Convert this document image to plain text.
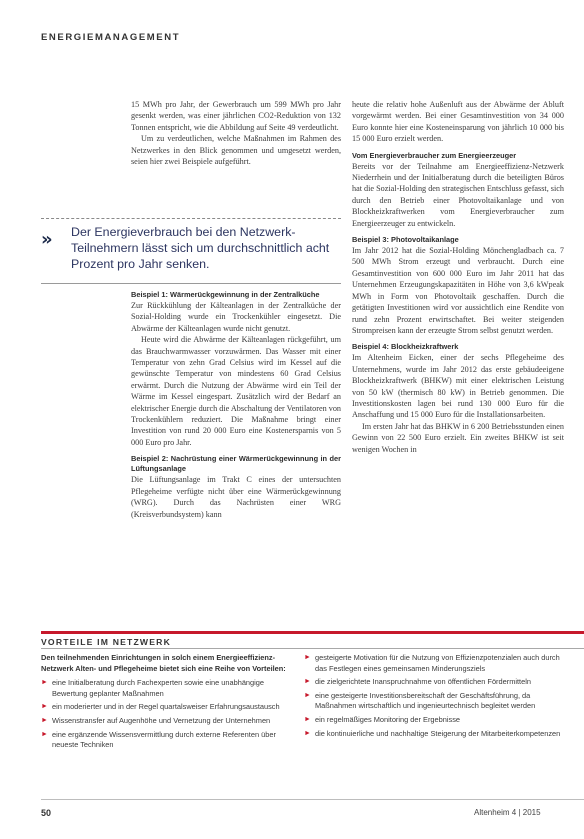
ENERGIEMANAGEMENT

15 MWh pro Jahr, der Gewerbrauch um 599 MWh pro Jahr gesenkt werden, was einer jährlichen CO2-Reduktion von 132 Tonnen entspricht, wie die Abbildung auf Seite 49 verdeutlicht.

Um zu verdeutlichen, welche Maßnahmen im Rahmen des Netzwerkes in den Blick genommen und umgesetzt werden, seien hier zwei Beispiele aufgeführt.

» Der Energieverbrauch bei den Netzwerk-Teilnehmern lässt sich um durchschnittlich acht Prozent pro Jahr senken.
Beispiel 1: Wärmerückgewinnung in der Zentralküche

Zur Rückkühlung der Kälteanlagen in der Zentralküche der Sozial-Holding wurde ein Trockenkühler eingesetzt. Die Abwärme der Kälteanlagen wurde nicht genutzt.

Heute wird die Abwärme der Kälteanlagen rückgeführt, um das Brauchwarmwasser vorzuwärmen. Das Wasser mit einer Temperatur von zehn Grad Celsius wird im Kessel auf die gewünschte Temperatur von mindestens 60 Grad Celsius erwärmt. Durch die Nutzung der Abwärme wird ein Teil der Wärme im Kessel eingespart. Zusätzlich wird der Bedarf an elektrischer Energie durch die Abschaltung der Ventilatoren von Trockenkühlern reduziert. Die Maßnahme bringt einer Investition von rund 20 000 Euro eine Kostenersparnis von 5 000 Euro pro Jahr.

Beispiel 2: Nachrüstung einer Wärmerückgewinnung in der Lüftungsanlage

Die Lüftungsanlage im Trakt C eines der untersuchten Pflegeheime verfügte nicht über eine Wärmerückgewinnung (WRG). Durch das Nachrüsten einer WRG (Kreisverbundsystem) kann

heute die relativ hohe Außenluft aus der Abwärme der Abluft vorgewärmt werden. Bei einer Gesamtinvestition von 34 000 Euro konnte hier eine Kosteneinsparung von jährlich 10 000 bis 15 000 Euro erzielt werden.

Vom Energieverbraucher zum Energieerzeuger

Bereits vor der Teilnahme am Energieeffizienz-Netzwerk Niederrhein und der Initialberatung durch die beteiligten Büros hat die Sozial-Holding den strategischen Entschluss gefasst, sich durch den Betrieb einer Photovoltaikanlage und von Blockheizkraftwerken vom Energieverbraucher zum Energieerzeuger zu entwickeln.

Beispiel 3: Photovoltaikanlage

Im Jahr 2012 hat die Sozial-Holding Mönchengladbach ca. 7 500 MWh Strom erzeugt und verbraucht. Durch eine Gesamtinvestition von 600 000 Euro im Jahr 2011 hat das Unternehmen Erzeugungskapazitäten in Höhe von 3,6 kWpeak MWh in Form von Photovoltaik geschaffen. Durch die getätigten Investitionen wird vor aussichtlich eine Rendite von rund zehn Prozent erwirtschaftet. Bei weiter steigenden Strompreisen kann der erzeugte Strom selbst genutzt werden.

Beispiel 4: Blockheizkraftwerk

Im Altenheim Eicken, einer der sechs Pflegeheime des Unternehmens, wurde im Jahr 2012 das erste gebäudeeigene Blockheizkraftwerk (BHKW) mit einer elektrischen Leistung von 50 kW (thermisch 80 kW) in Betrieb genommen. Die Investitionskosten lagen bei rund 130 000 Euro für die Anschaffung und 15 000 Euro für die Installationsarbeiten.

Im ersten Jahr hat das BHKW in 6 200 Betriebsstunden einen Gewinn von 22 500 Euro erzielt. Ein zweites BHKW ist seit wenigen Wochen in

VORTEILE IM NETZWERK

Den teilnehmenden Einrichtungen in solch einem Energieeffizienz-Netzwerk Alten- und Pflegeheime bietet sich eine Reihe von Vorteilen:

► eine Initialberatung durch Fachexperten sowie eine unabhängige Bewertung geplanter Maßnahmen
► ein moderierter und in der Regel quartalsweiser Erfahrungsaustausch
► Wissenstransfer auf Augenhöhe und Vernetzung der Unternehmen
► eine ergänzende Wissensvermittlung durch externe Referenten über neueste Techniken
► gesteigerte Motivation für die Nutzung von Effizienzpotenzialen auch durch das Festlegen eines gemeinsamen Minderungsziels
► die zielgerichtete Inanspruchnahme von öffentlichen Fördermitteln
► eine gesteigerte Investitionsbereitschaft der Geschäftsführung, da Maßnahmen wirtschaftlich und ingenieurtechnisch begleitet werden
► ein regelmäßiges Monitoring der Ergebnisse
► die kontinuierliche und nachhaltige Steigerung der Mitarbeiterkompetenzen
50	Altenheim 4 | 2015
